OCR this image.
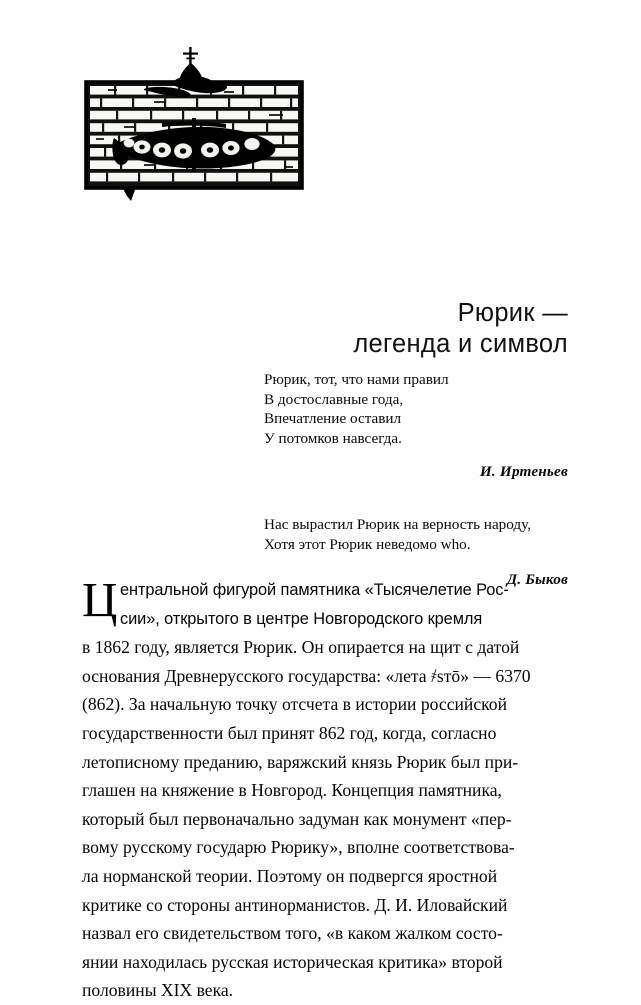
Рюрик —
легенда и символ
Рюрик, тот, что нами правил
В достославные года,
Впечатление оставил
У потомков навсегда.
И. Иртеньев
Нас вырастил Рюрик на верность народу,
Хотя этот Рюрик неведомо who.
Д. Быков
Ц ентральной фигурой памятника «Тысячелетие Рос-
сии», открытого в центре Новгородского кремля
в 1862 году, является Рюрик. Он опирается на щит с датой
основания Древнерусского государства: «лета ҂sтō» — 6370
(862). За начальную точку отсчета в истории российской
государственности был принят 862 год, когда, согласно
летописному преданию, варяжский князь Рюрик был при-
глашен на княжение в Новгород. Концепция памятника,
который был первоначально задуман как монумент «пер-
вому русскому государю Рюрику», вполне соответствова-
ла норманской теории. Поэтому он подвергся яростной
критике со стороны антинорманистов. Д. И. Иловайский
назвал его свидетельством того, «в каком жалком состо-
янии находилась русская историческая критика» второй
половины XIX века.
